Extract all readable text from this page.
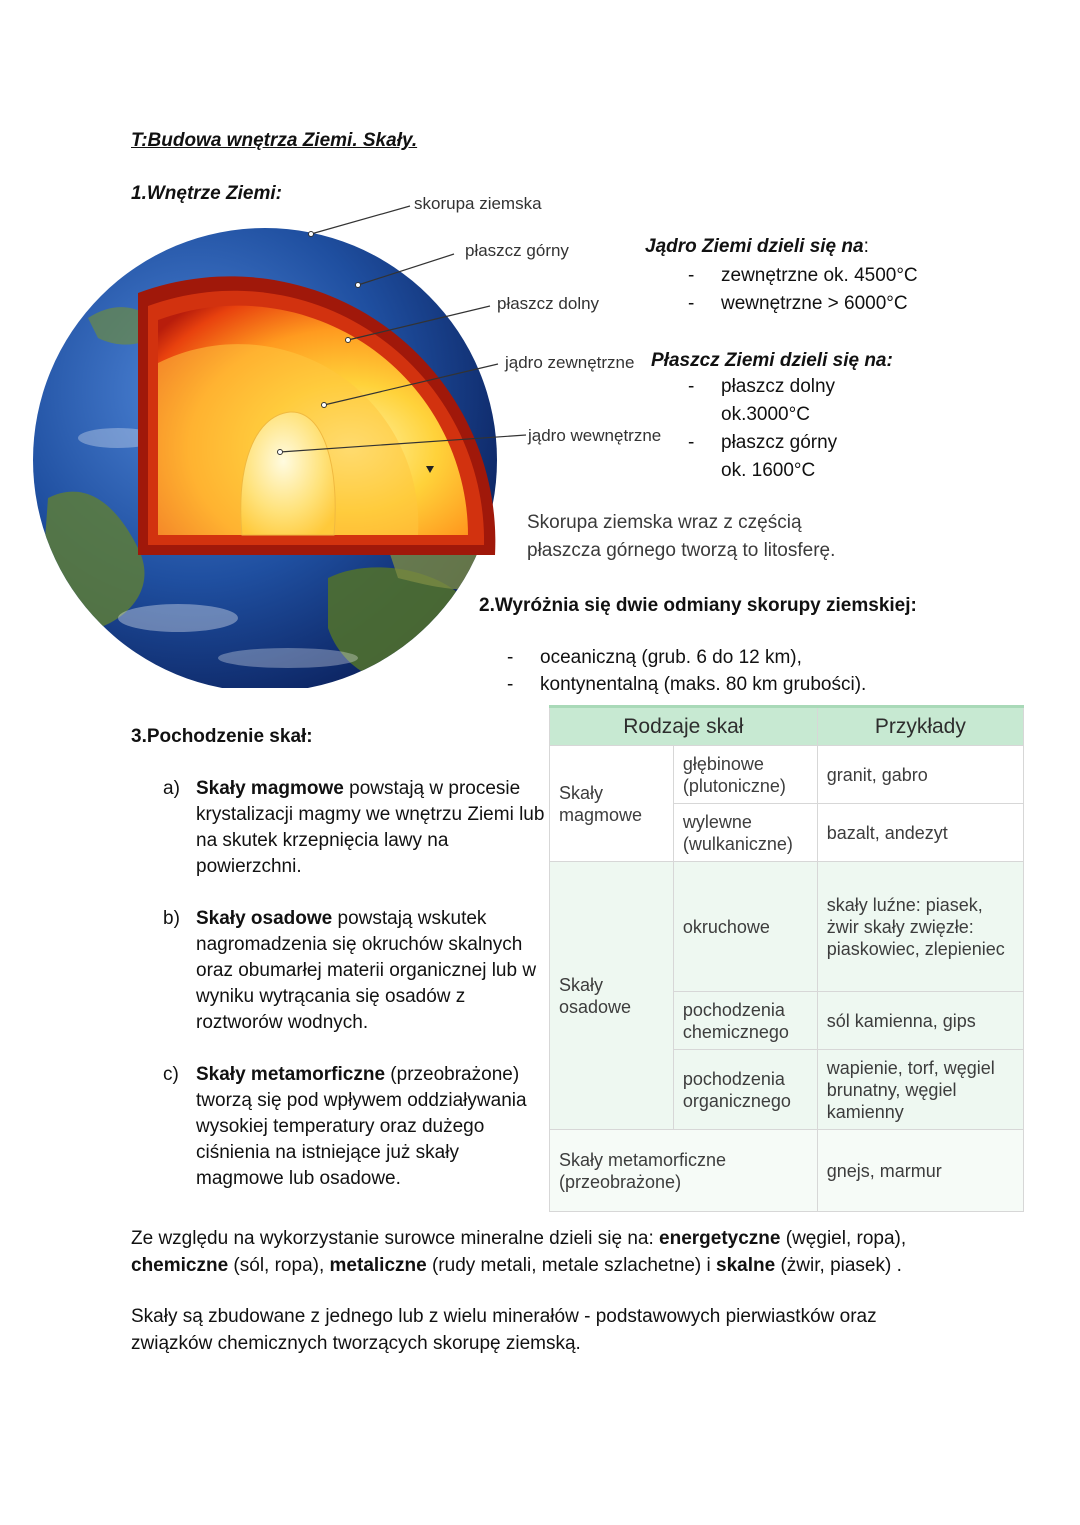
T:Budowa wnętrza Ziemi. Skały.
1.Wnętrze Ziemi:	skorupa ziemska
płaszcz górny
płaszcz dolny
jądro zewnętrzne
jądro wewnętrzne
Jądro Ziemi dzieli się na:
- zewnętrzne ok. 4500°C
- wewnętrzne > 6000°C
Płaszcz Ziemi dzieli się na:
- płaszcz dolny
ok.3000°C
- płaszcz górny
ok. 1600°C
Skorupa ziemska wraz z częścią
płaszcza górnego tworzą to litosferę.
2.Wyróżnia się dwie odmiany skorupy ziemskiej:
- oceaniczną (grub. 6 do 12 km),
- kontynentalną (maks. 80 km grubości).
3.Pochodzenie skał:
a) Skały magmowe powstają w procesie krystalizacji magmy we wnętrzu Ziemi lub na skutek krzepnięcia lawy na powierzchni.
b) Skały osadowe powstają wskutek nagromadzenia się okruchów skalnych oraz obumarłej materii organicznej lub w wyniku wytrącania się osadów z roztworów wodnych.
c) Skały metamorficzne (przeobrażone) tworzą się pod wpływem oddziaływania wysokiej temperatury oraz dużego ciśnienia na istniejące już skały magmowe lub osadowe.
Rodzaje skał		Przykłady
Skały magmowe	głębinowe (plutoniczne)	granit, gabro
	wylewne (wulkaniczne)	bazalt, andezyt
Skały osadowe	okruchowe	skały luźne: piasek, żwir skały zwięzłe: piaskowiec, zlepieniec
	pochodzenia chemicznego	sól kamienna, gips
	pochodzenia organicznego	wapienie, torf, węgiel brunatny, węgiel kamienny
Skały metamorficzne (przeobrażone)		gnejs, marmur
Ze względu na wykorzystanie surowce mineralne dzieli się na: energetyczne (węgiel, ropa), chemiczne (sól, ropa), metaliczne (rudy metali, metale szlachetne) i skalne (żwir, piasek) .
Skały są zbudowane z jednego lub z wielu minerałów - podstawowych pierwiastków oraz związków chemicznych tworzących skorupę ziemską.
